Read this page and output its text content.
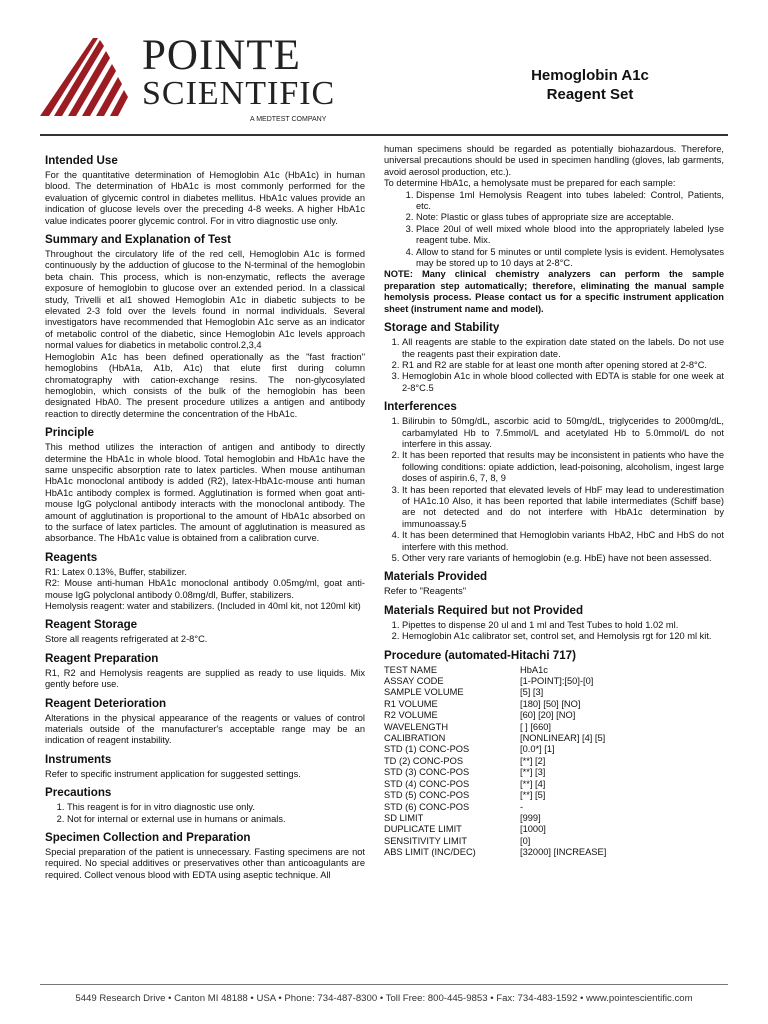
POINTE
SCIENTIFIC
A MEDTEST COMPANY
Hemoglobin A1c
Reagent Set
Intended Use

For the quantitative determination of Hemoglobin A1c (HbA1c) in human blood. The determination of HbA1c is most commonly performed for the evaluation of glycemic control in diabetes mellitus. HbA1c values provide an indication of glucose levels over the preceding 4-8 weeks. A higher HbA1c value indicates poorer glycemic control. For in vitro diagnostic use only.

Summary and Explanation of Test

Throughout the circulatory life of the red cell, Hemoglobin A1c is formed continuously by the adduction of glucose to the N-terminal of the hemoglobin beta chain. This process, which is non-enzymatic, reflects the average exposure of hemoglobin to glucose over an extended period. In a classical study, Trivelli et al1 showed Hemoglobin A1c in diabetic subjects to be elevated 2-3 fold over the levels found in normal individuals. Several investigators have recommended that Hemoglobin A1c serve as an indicator of metabolic control of the diabetic, since Hemoglobin A1c levels approach normal values for diabetics in metabolic control.2,3,4

Hemoglobin A1c has been defined operationally as the "fast fraction" hemoglobins (HbA1a, A1b, A1c) that elute first during column chromatography with cation-exchange resins. The non-glycosylated hemoglobin, which consists of the bulk of the hemoglobin has been designated HbA0. The present procedure utilizes a antigen and antibody reaction to directly determine the concentration of the HbA1c.

Principle

This method utilizes the interaction of antigen and antibody to directly determine the HbA1c in whole blood. Total hemoglobin and HbA1c have the same unspecific absorption rate to latex particles. When mouse antihuman HbA1c monoclonal antibody is added (R2), latex-HbA1c-mouse anti human HbA1c antibody complex is formed. Agglutination is formed when goat anti-mouse IgG polyclonal antibody interacts with the monoclonal antibody. The amount of agglutination is proportional to the amount of HbA1c absorbed on to the surface of latex particles. The amount of agglutination is measured as absorbance. The HbA1c value is obtained from a calibration curve.

Reagents

R1: Latex 0.13%, Buffer, stabilizer.

R2: Mouse anti-human HbA1c monoclonal antibody 0.05mg/ml, goat anti-mouse IgG polyclonal antibody 0.08mg/dl, Buffer, stabilizers.

Hemolysis reagent: water and stabilizers. (Included in 40ml kit, not 120ml kit)

Reagent Storage

Store all reagents refrigerated at 2-8°C.

Reagent Preparation

R1, R2 and Hemolysis reagents are supplied as ready to use liquids. Mix gently before use.

Reagent Deterioration

Alterations in the physical appearance of the reagents or values of control materials outside of the manufacturer's acceptable range may be an indication of reagent instability.

Instruments

Refer to specific instrument application for suggested settings.

Precautions
1. This reagent is for in vitro diagnostic use only.
2. Not for internal or external use in humans or animals.
Specimen Collection and Preparation

Special preparation of the patient is unnecessary. Fasting specimens are not required. No special additives or preservatives other than anticoagulants are required. Collect venous blood with EDTA using aseptic technique. All

human specimens should be regarded as potentially biohazardous. Therefore, universal precautions should be used in specimen handling (gloves, lab garments, avoid aerosol production, etc.).

To determine HbA1c, a hemolysate must be prepared for each sample:

1. Dispense 1ml Hemolysis Reagent into tubes labeled: Control, Patients, etc.
2. Note: Plastic or glass tubes of appropriate size are acceptable.
3. Place 20ul of well mixed whole blood into the appropriately labeled lyse reagent tube. Mix.
4. Allow to stand for 5 minutes or until complete lysis is evident. Hemolysates may be stored up to 10 days at 2-8°C.

NOTE: Many clinical chemistry analyzers can perform the sample preparation step automatically; therefore, eliminating the manual sample hemolysis process. Please contact us for a specific instrument application sheet (instrument name and model).

Storage and Stability
1. All reagents are stable to the expiration date stated on the labels. Do not use the reagents past their expiration date.
2. R1 and R2 are stable for at least one month after opening stored at 2-8°C.
3. Hemoglobin A1c in whole blood collected with EDTA is stable for one week at 2-8°C.5
Interferences
1. Bilirubin to 50mg/dL, ascorbic acid to 50mg/dL, triglycerides to 2000mg/dL, carbamylated Hb to 7.5mmol/L and acetylated Hb to 5.0mmol/L do not interfere in this assay.
2. It has been reported that results may be inconsistent in patients who have the following conditions: opiate addiction, lead-poisoning, alcoholism, ingest large doses of aspirin.6, 7, 8, 9
3. It has been reported that elevated levels of HbF may lead to underestimation of HA1c.10 Also, it has been reported that labile intermediates (Schiff base) are not detected and do not interfere with HbA1c determination by immunoassay.5
4. It has been determined that Hemoglobin variants HbA2, HbC and HbS do not interfere with this method.
5. Other very rare variants of hemoglobin (e.g. HbE) have not been assessed.
Materials Provided

Refer to "Reagents"

Materials Required but not Provided
1. Pipettes to dispense 20 ul and 1 ml and Test Tubes to hold 1.02 ml.
2. Hemoglobin A1c calibrator set, control set, and Hemolysis rgt for 120 ml kit.
Procedure (automated-Hitachi 717)
TEST NAME	HbA1c
ASSAY CODE	[1-POINT]:[50]-[0]
SAMPLE VOLUME	[5] [3]
R1 VOLUME	[180] [50] [NO]
R2 VOLUME	[60] [20] [NO]
WAVELENGTH	[ ] [660]
CALIBRATION	[NONLINEAR] [4] [5]
STD (1) CONC-POS	[0.0*] [1]
TD (2) CONC-POS	[**] [2]
STD (3) CONC-POS	[**] [3]
STD (4) CONC-POS	[**] [4]
STD (5) CONC-POS	[**] [5]
STD (6) CONC-POS	-
SD LIMIT	[999]
DUPLICATE LIMIT	[1000]
SENSITIVITY LIMIT	[0]
ABS LIMIT (INC/DEC)	[32000] [INCREASE]
5449 Research Drive • Canton MI 48188 • USA • Phone: 734-487-8300 • Toll Free: 800-445-9853 • Fax: 734-483-1592 • www.pointescientific.com
